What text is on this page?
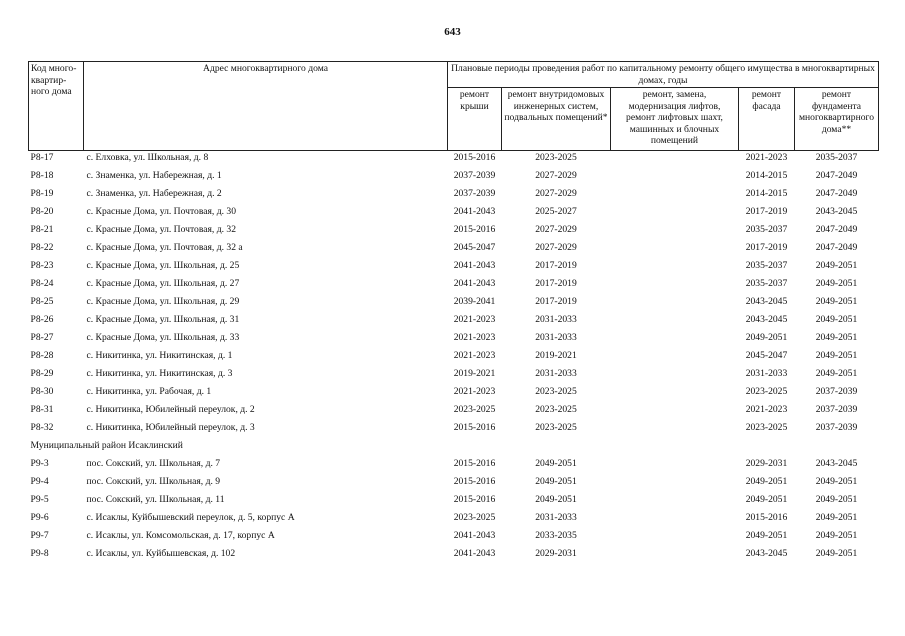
643
Код много-квартир-ного дома	Адрес многоквартирного дома	Плановые периоды проведения работ по капитальному ремонту общего имущества в многоквартирных домах, годы				
		ремонт крыши	ремонт внутридомовых инженерных систем, подвальных помещений*	ремонт, замена, модернизация лифтов, ремонт лифтовых шахт, машинных и блочных помещений	ремонт фасада	ремонт фундамента многоквартирного дома**
Р8-17	с. Елховка, ул. Школьная, д. 8	2015-2016	2023-2025		2021-2023	2035-2037
Р8-18	с. Знаменка, ул. Набережная, д. 1	2037-2039	2027-2029		2014-2015	2047-2049
Р8-19	с. Знаменка, ул. Набережная, д. 2	2037-2039	2027-2029		2014-2015	2047-2049
Р8-20	с. Красные Дома, ул. Почтовая, д. 30	2041-2043	2025-2027		2017-2019	2043-2045
Р8-21	с. Красные Дома, ул. Почтовая, д. 32	2015-2016	2027-2029		2035-2037	2047-2049
Р8-22	с. Красные Дома, ул. Почтовая, д. 32 а	2045-2047	2027-2029		2017-2019	2047-2049
Р8-23	с. Красные Дома, ул. Школьная, д. 25	2041-2043	2017-2019		2035-2037	2049-2051
Р8-24	с. Красные Дома, ул. Школьная, д. 27	2041-2043	2017-2019		2035-2037	2049-2051
Р8-25	с. Красные Дома, ул. Школьная, д. 29	2039-2041	2017-2019		2043-2045	2049-2051
Р8-26	с. Красные Дома, ул. Школьная, д. 31	2021-2023	2031-2033		2043-2045	2049-2051
Р8-27	с. Красные Дома, ул. Школьная, д. 33	2021-2023	2031-2033		2049-2051	2049-2051
Р8-28	с. Никитинка, ул. Никитинская, д. 1	2021-2023	2019-2021		2045-2047	2049-2051
Р8-29	с. Никитинка, ул. Никитинская, д. 3	2019-2021	2031-2033		2031-2033	2049-2051
Р8-30	с. Никитинка, ул. Рабочая, д. 1	2021-2023	2023-2025		2023-2025	2037-2039
Р8-31	с. Никитинка, Юбилейный переулок, д. 2	2023-2025	2023-2025		2021-2023	2037-2039
Р8-32	с. Никитинка, Юбилейный переулок, д. 3	2015-2016	2023-2025		2023-2025	2037-2039
Муниципальный район Исаклинский						
Р9-3	пос. Сокский, ул. Школьная, д. 7	2015-2016	2049-2051		2029-2031	2043-2045
Р9-4	пос. Сокский, ул. Школьная, д. 9	2015-2016	2049-2051		2049-2051	2049-2051
Р9-5	пос. Сокский, ул. Школьная, д. 11	2015-2016	2049-2051		2049-2051	2049-2051
Р9-6	с. Исаклы, Куйбышевский переулок, д. 5, корпус А	2023-2025	2031-2033		2015-2016	2049-2051
Р9-7	с. Исаклы, ул. Комсомольская, д. 17, корпус А	2041-2043	2033-2035		2049-2051	2049-2051
Р9-8	с. Исаклы, ул. Куйбышевская, д. 102	2041-2043	2029-2031		2043-2045	2049-2051
